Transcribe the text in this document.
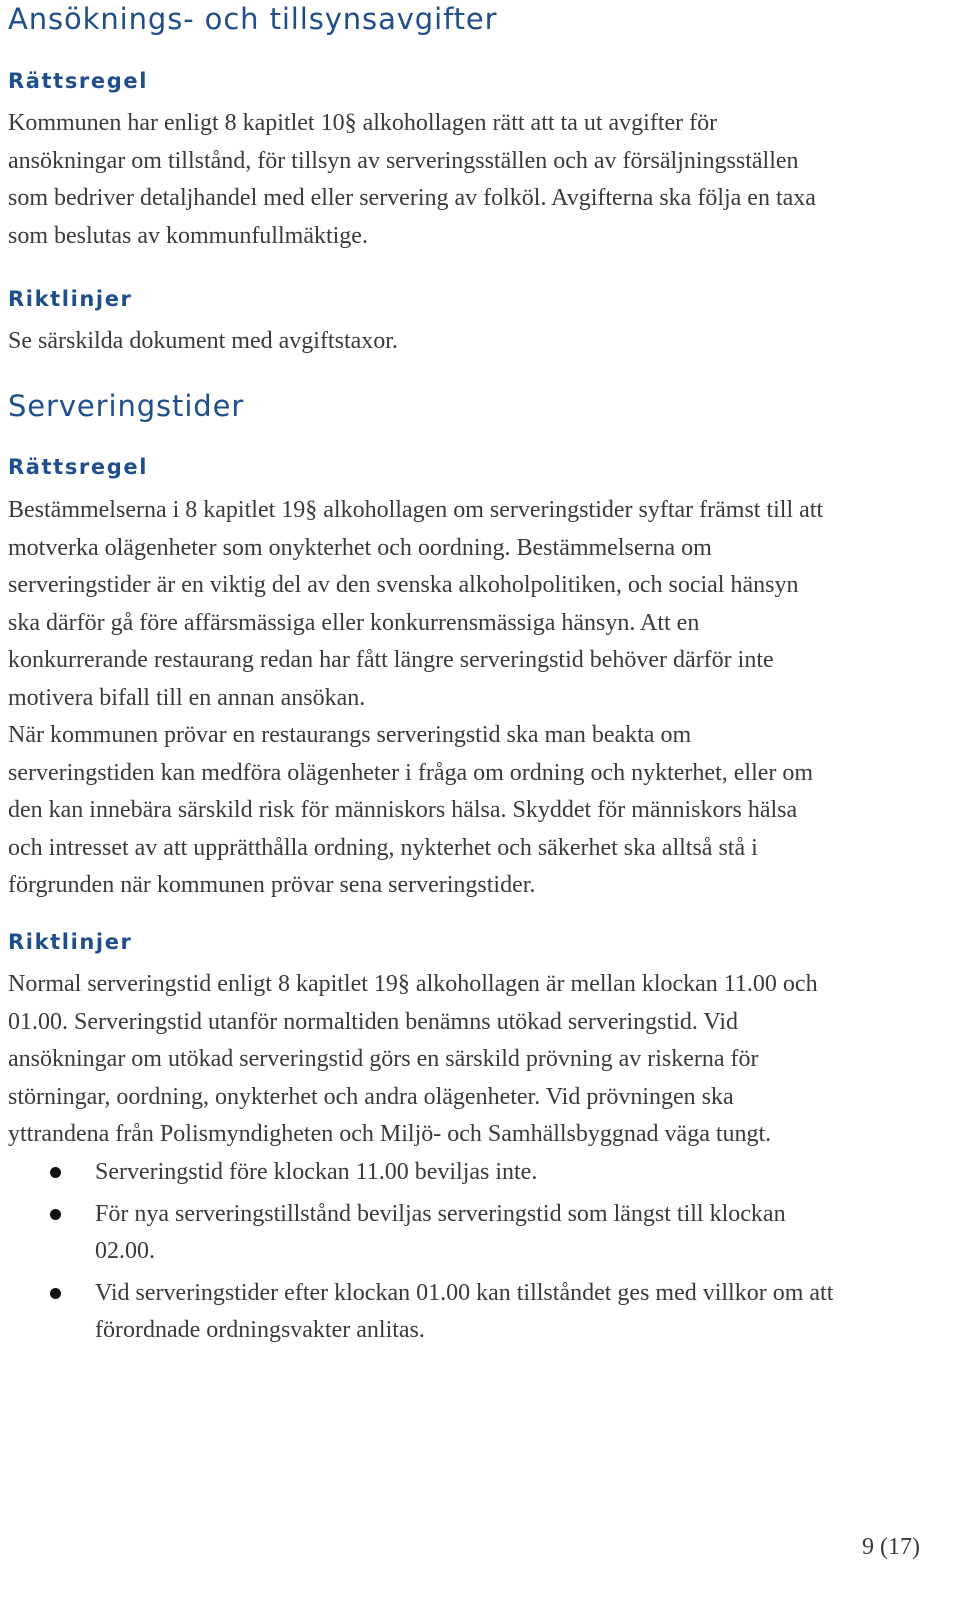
Ansöknings- och tillsynsavgifter
Rättsregel
Kommunen har enligt 8 kapitlet 10§ alkohollagen rätt att ta ut avgifter för
ansökningar om tillstånd, för tillsyn av serveringsställen och av försäljningsställen
som bedriver detaljhandel med eller servering av folköl. Avgifterna ska följa en taxa
som beslutas av kommunfullmäktige.
Riktlinjer
Se särskilda dokument med avgiftstaxor.
Serveringstider
Rättsregel
Bestämmelserna i 8 kapitlet 19§ alkohollagen om serveringstider syftar främst till att
motverka olägenheter som onykterhet och oordning. Bestämmelserna om
serveringstider är en viktig del av den svenska alkoholpolitiken, och social hänsyn
ska därför gå före affärsmässiga eller konkurrensmässiga hänsyn. Att en
konkurrerande restaurang redan har fått längre serveringstid behöver därför inte
motivera bifall till en annan ansökan.
När kommunen prövar en restaurangs serveringstid ska man beakta om
serveringstiden kan medföra olägenheter i fråga om ordning och nykterhet, eller om
den kan innebära särskild risk för människors hälsa. Skyddet för människors hälsa
och intresset av att upprätthålla ordning, nykterhet och säkerhet ska alltså stå i
förgrunden när kommunen prövar sena serveringstider.
Riktlinjer
Normal serveringstid enligt 8 kapitlet 19§ alkohollagen är mellan klockan 11.00 och
01.00. Serveringstid utanför normaltiden benämns utökad serveringstid. Vid
ansökningar om utökad serveringstid görs en särskild prövning av riskerna för
störningar, oordning, onykterhet och andra olägenheter. Vid prövningen ska
yttrandena från Polismyndigheten och Miljö- och Samhällsbyggnad väga tungt.
Serveringstid före klockan 11.00 beviljas inte.
För nya serveringstillstånd beviljas serveringstid som längst till klockan
02.00.
Vid serveringstider efter klockan 01.00 kan tillståndet ges med villkor om att
förordnade ordningsvakter anlitas.
9 (17)
